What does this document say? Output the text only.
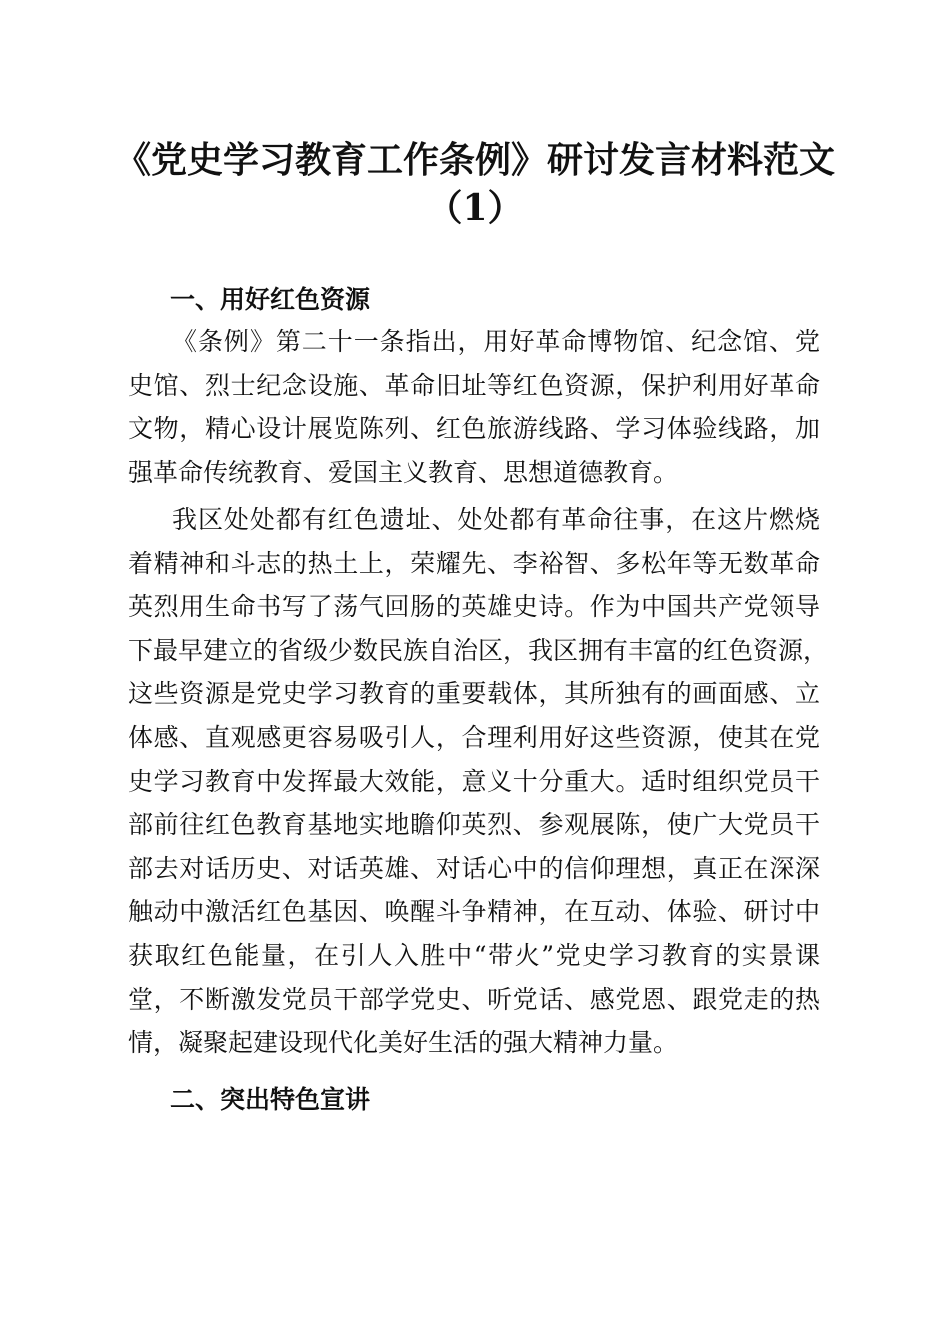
《党史学习教育工作条例》研讨发言材料范文
（1）
一、用好红色资源
《条例》第二十一条指出，用好革命博物馆、纪念馆、党
史馆、烈士纪念设施、革命旧址等红色资源，保护利用好革命
文物，精心设计展览陈列、红色旅游线路、学习体验线路，加
强革命传统教育、爱国主义教育、思想道德教育。
我区处处都有红色遗址、处处都有革命往事，在这片燃烧
着精神和斗志的热土上，荣耀先、李裕智、多松年等无数革命
英烈用生命书写了荡气回肠的英雄史诗。作为中国共产党领导
下最早建立的省级少数民族自治区，我区拥有丰富的红色资源，
这些资源是党史学习教育的重要载体，其所独有的画面感、立
体感、直观感更容易吸引人，合理利用好这些资源，使其在党
史学习教育中发挥最大效能，意义十分重大。适时组织党员干
部前往红色教育基地实地瞻仰英烈、参观展陈，使广大党员干
部去对话历史、对话英雄、对话心中的信仰理想，真正在深深
触动中激活红色基因、唤醒斗争精神，在互动、体验、研讨中
获取红色能量，在引人入胜中“带火”党史学习教育的实景课
堂，不断激发党员干部学党史、听党话、感党恩、跟党走的热
情，凝聚起建设现代化美好生活的强大精神力量。
二、突出特色宣讲
